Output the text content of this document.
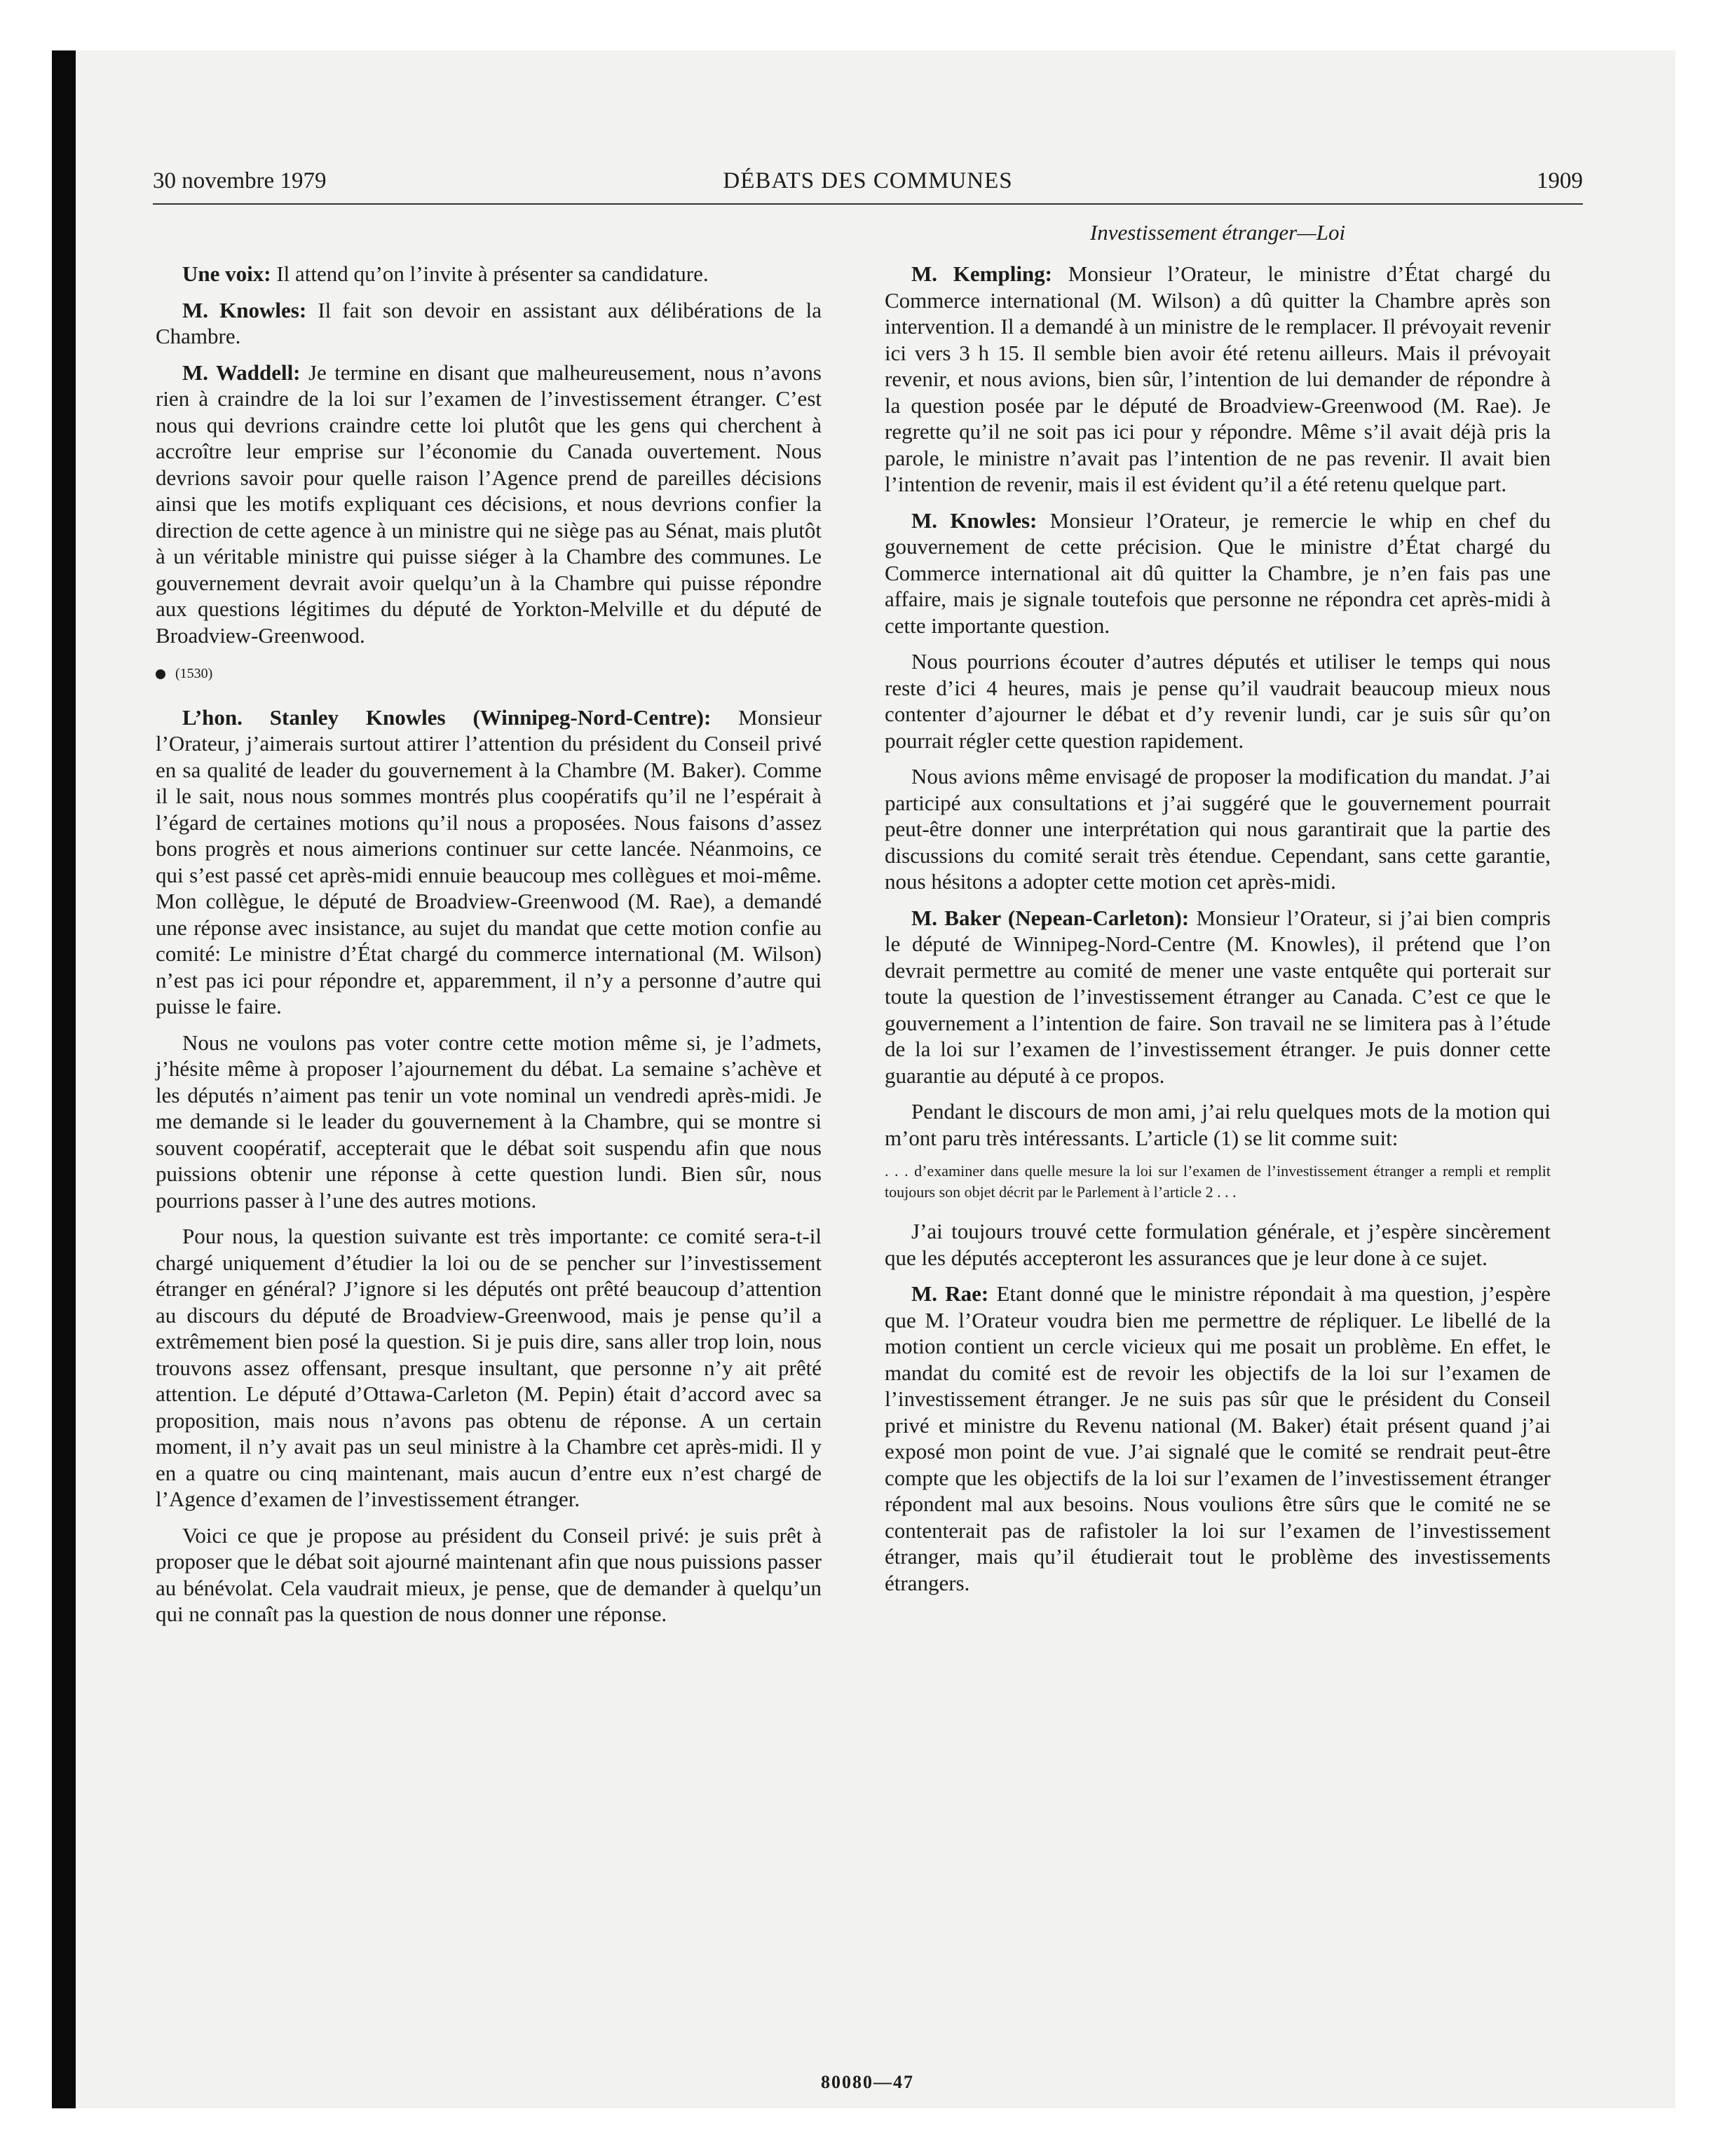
30 novembre 1979	DÉBATS DES COMMUNES	1909
Investissement étranger—Loi

Une voix: Il attend qu’on l’invite à présenter sa candidature.

M. Knowles: Il fait son devoir en assistant aux délibérations de la Chambre.

M. Waddell: Je termine en disant que malheureusement, nous n’avons rien à craindre de la loi sur l’examen de l’investissement étranger. C’est nous qui devrions craindre cette loi plutôt que les gens qui cherchent à accroître leur emprise sur l’économie du Canada ouvertement. Nous devrions savoir pour quelle raison l’Agence prend de pareilles décisions ainsi que les motifs expliquant ces décisions, et nous devrions confier la direction de cette agence à un ministre qui ne siège pas au Sénat, mais plutôt à un véritable ministre qui puisse siéger à la Chambre des communes. Le gouvernement devrait avoir quelqu’un à la Chambre qui puisse répondre aux questions légitimes du député de Yorkton-Melville et du député de Broadview-Greenwood.

(1530)

L’hon. Stanley Knowles (Winnipeg-Nord-Centre): Monsieur l’Orateur, j’aimerais surtout attirer l’attention du président du Conseil privé en sa qualité de leader du gouvernement à la Chambre (M. Baker). Comme il le sait, nous nous sommes montrés plus coopératifs qu’il ne l’espérait à l’égard de certaines motions qu’il nous a proposées. Nous faisons d’assez bons progrès et nous aimerions continuer sur cette lancée. Néanmoins, ce qui s’est passé cet après-midi ennuie beaucoup mes collègues et moi-même. Mon collègue, le député de Broadview-Greenwood (M. Rae), a demandé une réponse avec insistance, au sujet du mandat que cette motion confie au comité: Le ministre d’État chargé du commerce international (M. Wilson) n’est pas ici pour répondre et, apparemment, il n’y a personne d’autre qui puisse le faire.

Nous ne voulons pas voter contre cette motion même si, je l’admets, j’hésite même à proposer l’ajournement du débat. La semaine s’achève et les députés n’aiment pas tenir un vote nominal un vendredi après-midi. Je me demande si le leader du gouvernement à la Chambre, qui se montre si souvent coopératif, accepterait que le débat soit suspendu afin que nous puissions obtenir une réponse à cette question lundi. Bien sûr, nous pourrions passer à l’une des autres motions.

Pour nous, la question suivante est très importante: ce comité sera-t-il chargé uniquement d’étudier la loi ou de se pencher sur l’investissement étranger en général? J’ignore si les députés ont prêté beaucoup d’attention au discours du député de Broadview-Greenwood, mais je pense qu’il a extrêmement bien posé la question. Si je puis dire, sans aller trop loin, nous trouvons assez offensant, presque insultant, que personne n’y ait prêté attention. Le député d’Ottawa-Carleton (M. Pepin) était d’accord avec sa proposition, mais nous n’avons pas obtenu de réponse. A un certain moment, il n’y avait pas un seul ministre à la Chambre cet après-midi. Il y en a quatre ou cinq maintenant, mais aucun d’entre eux n’est chargé de l’Agence d’examen de l’investissement étranger.

Voici ce que je propose au président du Conseil privé: je suis prêt à proposer que le débat soit ajourné maintenant afin que nous puissions passer au bénévolat. Cela vaudrait mieux, je pense, que de demander à quelqu’un qui ne connaît pas la question de nous donner une réponse.

M. Kempling: Monsieur l’Orateur, le ministre d’État chargé du Commerce international (M. Wilson) a dû quitter la Chambre après son intervention. Il a demandé à un ministre de le remplacer. Il prévoyait revenir ici vers 3 h 15. Il semble bien avoir été retenu ailleurs. Mais il prévoyait revenir, et nous avions, bien sûr, l’intention de lui demander de répondre à la question posée par le député de Broadview-Greenwood (M. Rae). Je regrette qu’il ne soit pas ici pour y répondre. Même s’il avait déjà pris la parole, le ministre n’avait pas l’intention de ne pas revenir. Il avait bien l’intention de revenir, mais il est évident qu’il a été retenu quelque part.

M. Knowles: Monsieur l’Orateur, je remercie le whip en chef du gouvernement de cette précision. Que le ministre d’État chargé du Commerce international ait dû quitter la Chambre, je n’en fais pas une affaire, mais je signale toutefois que personne ne répondra cet après-midi à cette importante question.

Nous pourrions écouter d’autres députés et utiliser le temps qui nous reste d’ici 4 heures, mais je pense qu’il vaudrait beaucoup mieux nous contenter d’ajourner le débat et d’y revenir lundi, car je suis sûr qu’on pourrait régler cette question rapidement.

Nous avions même envisagé de proposer la modification du mandat. J’ai participé aux consultations et j’ai suggéré que le gouvernement pourrait peut-être donner une interprétation qui nous garantirait que la partie des discussions du comité serait très étendue. Cependant, sans cette garantie, nous hésitons a adopter cette motion cet après-midi.

M. Baker (Nepean-Carleton): Monsieur l’Orateur, si j’ai bien compris le député de Winnipeg-Nord-Centre (M. Knowles), il prétend que l’on devrait permettre au comité de mener une vaste entquête qui porterait sur toute la question de l’investissement étranger au Canada. C’est ce que le gouvernement a l’intention de faire. Son travail ne se limitera pas à l’étude de la loi sur l’examen de l’investissement étranger. Je puis donner cette guarantie au député à ce propos.

Pendant le discours de mon ami, j’ai relu quelques mots de la motion qui m’ont paru très intéressants. L’article (1) se lit comme suit:

. . . d’examiner dans quelle mesure la loi sur l’examen de l’investissement étranger a rempli et remplit toujours son objet décrit par le Parlement à l’article 2 . . .

J’ai toujours trouvé cette formulation générale, et j’espère sincèrement que les députés accepteront les assurances que je leur done à ce sujet.

M. Rae: Etant donné que le ministre répondait à ma question, j’espère que M. l’Orateur voudra bien me permettre de répliquer. Le libellé de la motion contient un cercle vicieux qui me posait un problème. En effet, le mandat du comité est de revoir les objectifs de la loi sur l’examen de l’investissement étranger. Je ne suis pas sûr que le président du Conseil privé et ministre du Revenu national (M. Baker) était présent quand j’ai exposé mon point de vue. J’ai signalé que le comité se rendrait peut-être compte que les objectifs de la loi sur l’examen de l’investissement étranger répondent mal aux besoins. Nous voulions être sûrs que le comité ne se contenterait pas de rafistoler la loi sur l’examen de l’investissement étranger, mais qu’il étudierait tout le problème des investissements étrangers.

80080—47
